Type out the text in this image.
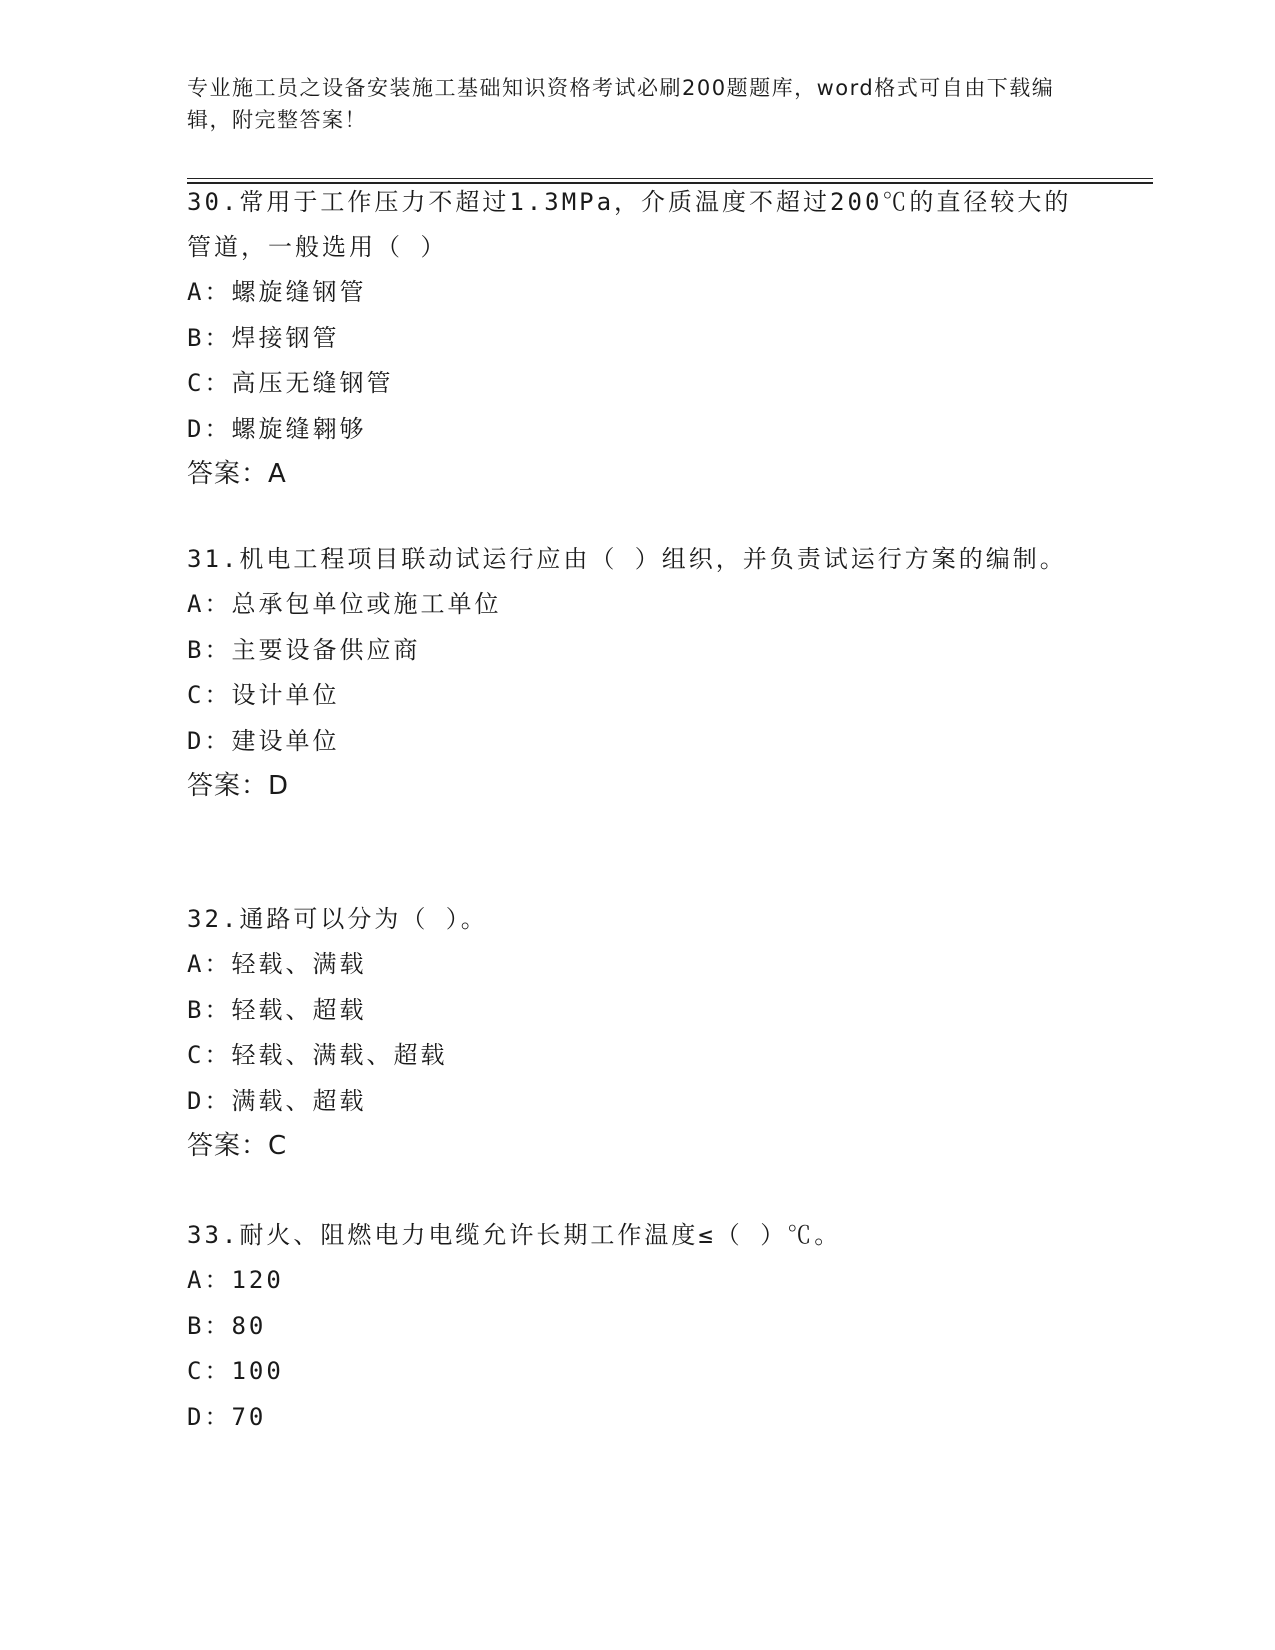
专业施工员之设备安装施工基础知识资格考试必刷200题题库，word格式可自由下载编辑，附完整答案！

30.常用于工作压力不超过1.3MPa，介质温度不超过200℃的直径较大的管道，一般选用（ ）

A：螺旋缝钢管

B：焊接钢管

C：高压无缝钢管

D：螺旋缝翱够

答案：A

31.机电工程项目联动试运行应由（ ）组织，并负责试运行方案的编制。

A：总承包单位或施工单位

B：主要设备供应商

C：设计单位

D：建设单位

答案：D

32.通路可以分为（ ）。

A：轻载、满载

B：轻载、超载

C：轻载、满载、超载

D：满载、超载

答案：C

33.耐火、阻燃电力电缆允许长期工作温度≤（ ）℃。

A：120

B：80

C：100

D：70
